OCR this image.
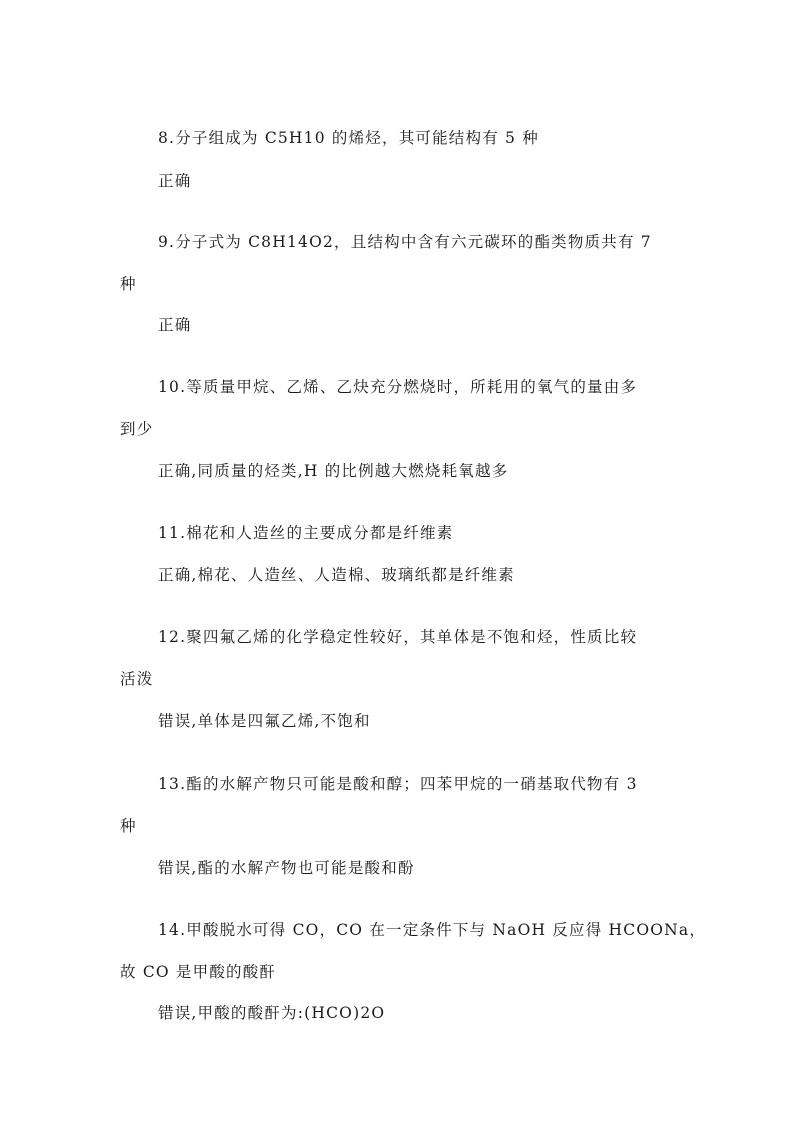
8.分子组成为 C5H10 的烯烃，其可能结构有 5 种
正确
9.分子式为 C8H14O2，且结构中含有六元碳环的酯类物质共有 7
种
正确
10.等质量甲烷、乙烯、乙炔充分燃烧时，所耗用的氧气的量由多
到少
正确,同质量的烃类,H 的比例越大燃烧耗氧越多
11.棉花和人造丝的主要成分都是纤维素
正确,棉花、人造丝、人造棉、玻璃纸都是纤维素
12.聚四氟乙烯的化学稳定性较好，其单体是不饱和烃，性质比较
活泼
错误,单体是四氟乙烯,不饱和
13.酯的水解产物只可能是酸和醇；四苯甲烷的一硝基取代物有 3
种
错误,酯的水解产物也可能是酸和酚
14.甲酸脱水可得 CO，CO 在一定条件下与 NaOH 反应得 HCOONa，
故 CO 是甲酸的酸酐
错误,甲酸的酸酐为:(HCO)2O
